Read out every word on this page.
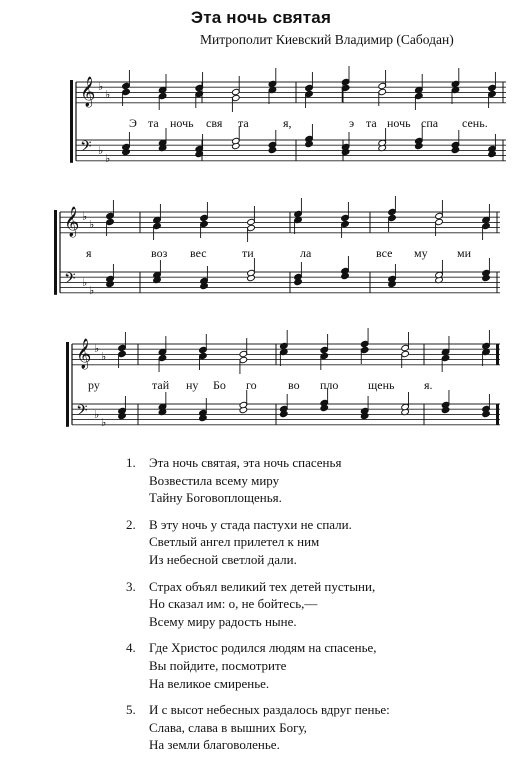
Эта ночь святая
Митрополит Киевский Владимир (Сабодан)
𝄞 ♭
♭
𝄢 ♭
♭
𝄞 ♭
♭
𝄢 ♭
♭
𝄞 ♭
♭
𝄢 ♭
♭
Э та ночь свя та	я,	э та ночь спа сень.
я	воз вес	ти	ла	все му ми
ру	тай ну Бо го	во пло щень я.
1. Эта ночь святая, эта ночь спасенья
Возвестила всему миру
Тайну Боговоплощенья.
2. В эту ночь у стада пастухи не спали.
Светлый ангел прилетел к ним
Из небесной светлой дали.
3. Страх объял великий тех детей пустыни,
Но сказал им: о, не бойтесь,—
Всему миру радость ныне.
4. Где Христос родился людям на спасенье,
Вы пойдите, посмотрите
На великое смиренье.
5. И с высот небесных раздалось вдруг пенье:
Слава, слава в вышних Богу,
На земли благоволенье.
